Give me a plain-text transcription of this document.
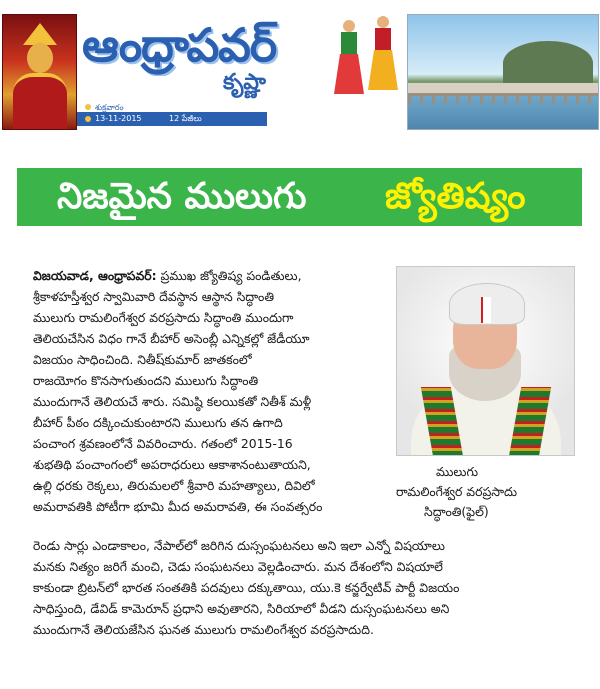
ఆంధ్రాపవర్
కృష్ణా
శుక్రవారం
13-11-2015	12 పేజీలు
నిజమైన ములుగు జ్యోతిష్యం
విజయవాడ, ఆంధ్రాపవర్: ప్రముఖ జ్యోతిష్య పండితులు,
శ్రీకాళహస్తీశ్వర స్వామివారి దేవస్థాన ఆస్థాన సిద్ధాంతి
ములుగు రామలింగేశ్వర వరప్రసాదు సిద్ధాంతి ముందుగా
తెలియచేసిన విధం గానే బీహార్ అసెంబ్లీ ఎన్నికల్లో జేడీయూ
విజయం సాధించింది. నితీష్‌కుమార్ జాతకంలో
రాజయోగం కొనసాగుతుందని ములుగు సిద్ధాంతి
ముందుగానే తెలియచే శారు. సమిష్ఠి కలయికతో నితీశ్ మళ్లీ
బీహార్ పీఠం దక్కించుకుంటారని ములుగు తన ఉగాది
పంచాంగ శ్రవణంలోనే వివరించారు. గతంలో 2015-16
శుభతిథి పంచాంగంలో అపరాధరులు ఆకాశానంటుతాయని,
ఉల్లి ధరకు రెక్కలు, తిరుమలలో శ్రీవారి మహత్యాలు, దివిలో
అమరావతికి పోటీగా భూమి మీద అమరావతి, ఈ సంవత్సరం
రెండు సార్లు ఎండాకాలం, నేపాల్‌లో జరిగిన దుస్సంఘటనలు అని ఇలా ఎన్నో విషయాలు
మనకు నిత్యం జరిగే మంచి, చెడు సంఘటనలు వెల్లడించారు. మన దేశంలోని విషయాలే
కాకుండా బ్రిటన్‌లో భారత సంతతికి పదవులు దక్కుతాయి, యు.కె కన్జర్వేటివ్ పార్టీ విజయం
సాధిస్తుంది, డేవిడ్ కామెరూన్ ప్రధాని అవుతారని, సిరియాలో వీడని దుస్సంఘటనలు అని
ముందుగానే తెలియజేసిన ఘనత ములుగు రామలింగేశ్వర వరప్రసాదుది.
ములుగు
రామలింగేశ్వర వరప్రసాదు
సిద్ధాంతి(ఫైల్)
